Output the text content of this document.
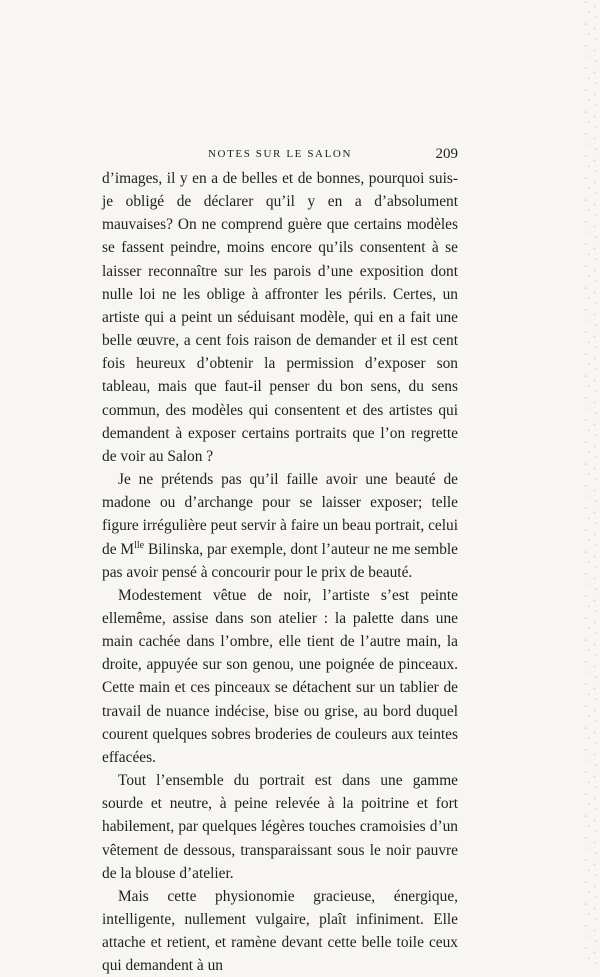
NOTES SUR LE SALON	209

d’images, il y en a de belles et de bonnes, pourquoi suis-je obligé de déclarer qu’il y en a d’absolument mauvaises? On ne comprend guère que certains modèles se fassent peindre, moins encore qu’ils consentent à se laisser reconnaître sur les parois d’une exposition dont nulle loi ne les oblige à affronter les périls. Certes, un artiste qui a peint un séduisant modèle, qui en a fait une belle œuvre, a cent fois raison de demander et il est cent fois heureux d’obtenir la permission d’exposer son tableau, mais que faut-il penser du bon sens, du sens commun, des modèles qui consentent et des artistes qui demandent à exposer certains portraits que l’on regrette de voir au Salon ?

Je ne prétends pas qu’il faille avoir une beauté de madone ou d’archange pour se laisser exposer; telle figure irrégulière peut servir à faire un beau portrait, celui de $M^{lle}$ Bilinska, par exemple, dont l’auteur ne me semble pas avoir pensé à concourir pour le prix de beauté.

Modestement vêtue de noir, l’artiste s’est peinte ellemême, assise dans son atelier : la palette dans une main cachée dans l’ombre, elle tient de l’autre main, la droite, appuyée sur son genou, une poignée de pinceaux. Cette main et ces pinceaux se détachent sur un tablier de travail de nuance indécise, bise ou grise, au bord duquel courent quelques sobres broderies de couleurs aux teintes effacées.

Tout l’ensemble du portrait est dans une gamme sourde et neutre, à peine relevée à la poitrine et fort habilement, par quelques légères touches cramoisies d’un vêtement de dessous, transparaissant sous le noir pauvre de la blouse d’atelier.

Mais cette physionomie gracieuse, énergique, intelligente, nullement vulgaire, plaît infiniment. Elle attache et retient, et ramène devant cette belle toile ceux qui demandent à un
